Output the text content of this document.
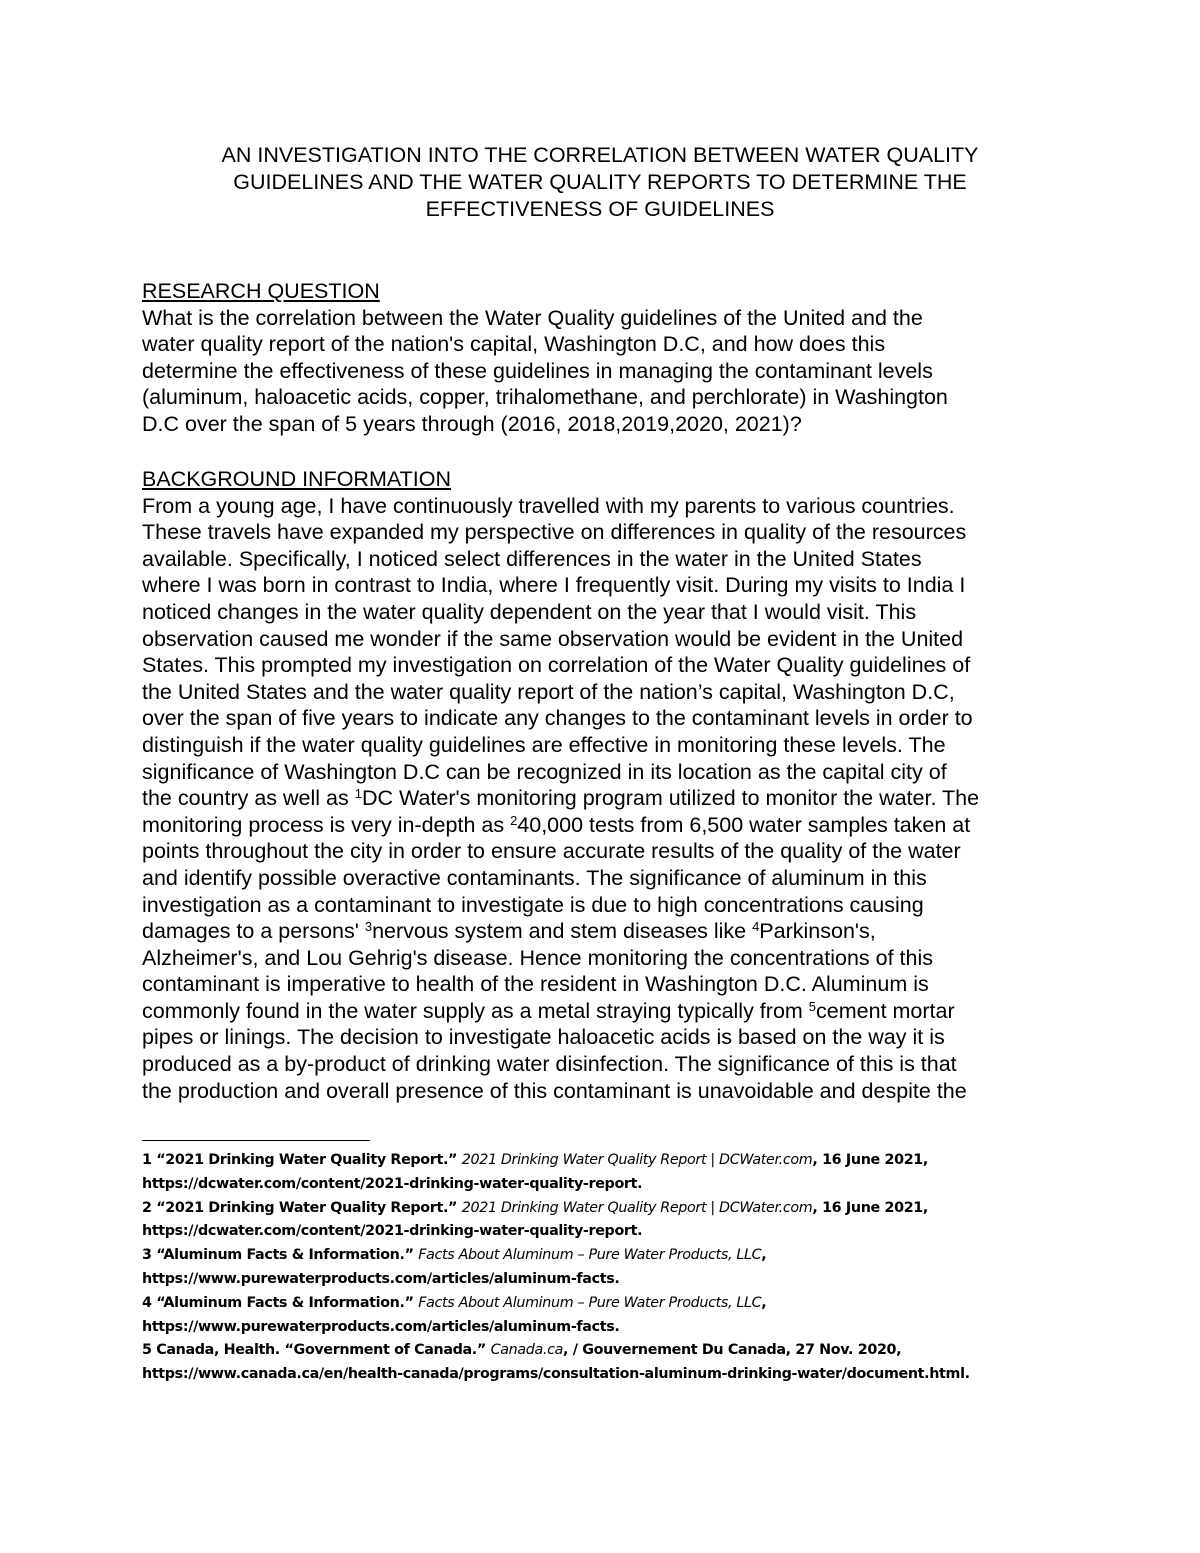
AN INVESTIGATION INTO THE CORRELATION BETWEEN WATER QUALITY
GUIDELINES AND THE WATER QUALITY REPORTS TO DETERMINE THE
EFFECTIVENESS OF GUIDELINES
RESEARCH QUESTION

What is the correlation between the Water Quality guidelines of the United and the
water quality report of the nation's capital, Washington D.C, and how does this
determine the effectiveness of these guidelines in managing the contaminant levels
(aluminum, haloacetic acids, copper, trihalomethane, and perchlorate) in Washington
D.C over the span of 5 years through (2016, 2018,2019,2020, 2021)?

BACKGROUND INFORMATION

From a young age, I have continuously travelled with my parents to various countries.
These travels have expanded my perspective on differences in quality of the resources
available. Specifically, I noticed select differences in the water in the United States
where I was born in contrast to India, where I frequently visit. During my visits to India I
noticed changes in the water quality dependent on the year that I would visit. This
observation caused me wonder if the same observation would be evident in the United
States. This prompted my investigation on correlation of the Water Quality guidelines of
the United States and the water quality report of the nation’s capital, Washington D.C,
over the span of five years to indicate any changes to the contaminant levels in order to
distinguish if the water quality guidelines are effective in monitoring these levels. The
significance of Washington D.C can be recognized in its location as the capital city of
the country as well as $^1$DC Water's monitoring program utilized to monitor the water. The
monitoring process is very in-depth as $^2$40,000 tests from 6,500 water samples taken at
points throughout the city in order to ensure accurate results of the quality of the water
and identify possible overactive contaminants. The significance of aluminum in this
investigation as a contaminant to investigate is due to high concentrations causing
damages to a persons' $^3$nervous system and stem diseases like $^4$Parkinson's,
Alzheimer's, and Lou Gehrig's disease. Hence monitoring the concentrations of this
contaminant is imperative to health of the resident in Washington D.C. Aluminum is
commonly found in the water supply as a metal straying typically from $^5$cement mortar
pipes or linings. The decision to investigate haloacetic acids is based on the way it is
produced as a by-product of drinking water disinfection. The significance of this is that
the production and overall presence of this contaminant is unavoidable and despite the

1 “2021 Drinking Water Quality Report.” 2021 Drinking Water Quality Report | DCWater.com, 16 June 2021,
https://dcwater.com/content/2021-drinking-water-quality-report.
2 “2021 Drinking Water Quality Report.” 2021 Drinking Water Quality Report | DCWater.com, 16 June 2021,
https://dcwater.com/content/2021-drinking-water-quality-report.
3 “Aluminum Facts & Information.” Facts About Aluminum – Pure Water Products, LLC,
https://www.purewaterproducts.com/articles/aluminum-facts.
4 “Aluminum Facts & Information.” Facts About Aluminum – Pure Water Products, LLC,
https://www.purewaterproducts.com/articles/aluminum-facts.
5 Canada, Health. “Government of Canada.” Canada.ca, / Gouvernement Du Canada, 27 Nov. 2020,
https://www.canada.ca/en/health-canada/programs/consultation-aluminum-drinking-water/document.html.
